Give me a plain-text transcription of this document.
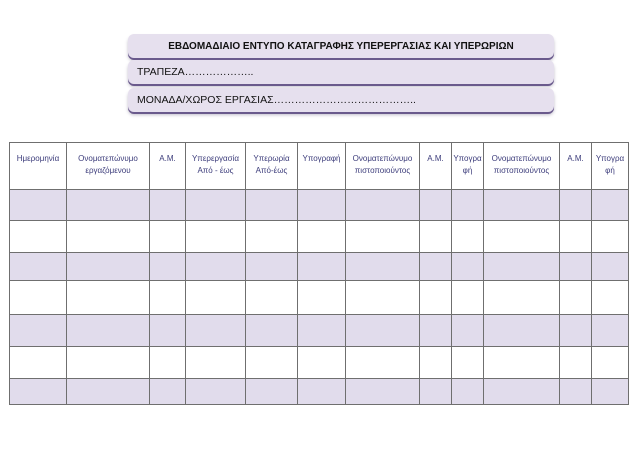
ΕΒΔΟΜΑΔΙΑΙΟ ΕΝΤΥΠΟ ΚΑΤΑΓΡΑΦΗΣ ΥΠΕΡΕΡΓΑΣΙΑΣ ΚΑΙ ΥΠΕΡΩΡΙΩΝ
ΤΡΑΠΕΖΑ………………..
ΜΟΝΑΔΑ/ΧΩΡΟΣ ΕΡΓΑΣΙΑΣ…………………………………..
Ημερομηνία	Ονοματεπώνυμο εργαζόμενου	Α.Μ.	Υπερεργασία Από - έως	Υπερωρία Από-έως	Υπογραφή	Ονοματεπώνυμο πιστοποιούντος	Α.Μ.	Υπογρα φή	Ονοματεπώνυμο πιστοποιούντος	Α.Μ.	Υπογρα φή
